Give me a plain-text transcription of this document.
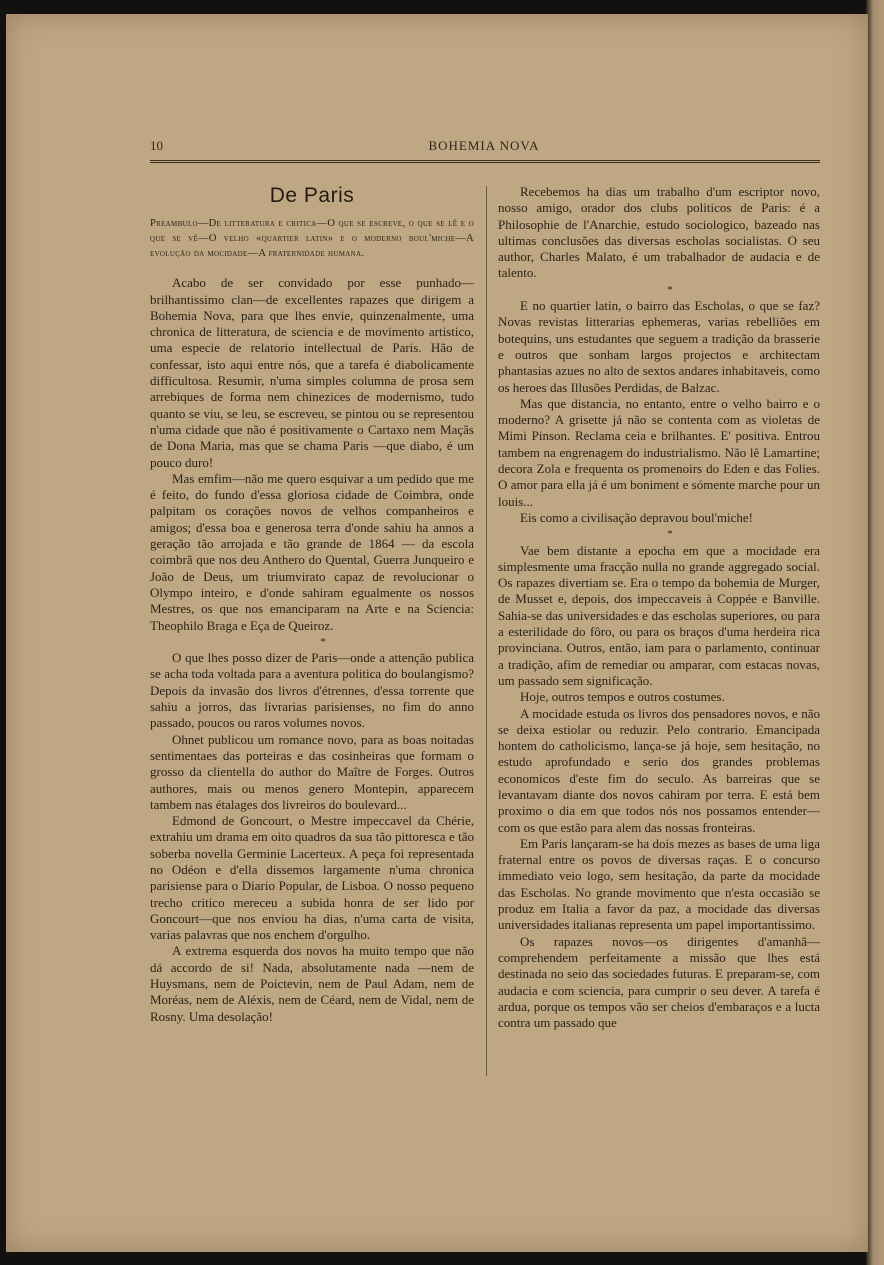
10	BOHEMIA NOVA
De Paris

Preambulo—De litteratura e critica—O que se escreve, o que se lê e o que se vê—O velho «quartier latin» e o moderno boul'miche—A evolução da mocidade—A fraternidade humana.

Acabo de ser convidado por esse punhado—brilhantissimo clan—de excellentes rapazes que dirigem a Bohemia Nova, para que lhes envie, quinzenalmente, uma chronica de litteratura, de sciencia e de movimento artistico, uma especie de relatorio intellectual de Paris. Hão de confessar, isto aqui entre nós, que a tarefa é diabolicamente difficultosa. Resumir, n'uma simples columna de prosa sem arrebiques de forma nem chinezices de modernismo, tudo quanto se viu, se leu, se escreveu, se pintou ou se representou n'uma cidade que não é positivamente o Cartaxo nem Maçãs de Dona Maria, mas que se chama Paris —que diabo, é um pouco duro!

Mas emfim—não me quero esquivar a um pedido que me é feito, do fundo d'essa gloriosa cidade de Coimbra, onde palpitam os corações novos de velhos companheiros e amigos; d'essa boa e generosa terra d'onde sahiu ha annos a geração tão arrojada e tão grande de 1864 — da escola coimbrã que nos deu Anthero do Quental, Guerra Junqueiro e João de Deus, um triumvirato capaz de revolucionar o Olympo inteiro, e d'onde sahiram egualmente os nossos Mestres, os que nos emanciparam na Arte e na Sciencia: Theophilo Braga e Eça de Queiroz.

*

O que lhes posso dizer de Paris—onde a attenção publica se acha toda voltada para a aventura politica do boulangismo? Depois da invasão dos livros d'étrennes, d'essa torrente que sahiu a jorros, das livrarias parisienses, no fim do anno passado, poucos ou raros volumes novos.

Ohnet publicou um romance novo, para as boas noitadas sentimentaes das porteiras e das cosinheiras que formam o grosso da clientella do author do Maître de Forges. Outros authores, mais ou menos genero Montepin, apparecem tambem nas étalages dos livreiros do boulevard...

Edmond de Goncourt, o Mestre impeccavel da Chérie, extrahiu um drama em oito quadros da sua tão pittoresca e tão soberba novella Germinie Lacerteux. A peça foi representada no Odéon e d'ella dissemos largamente n'uma chronica parisiense para o Diario Popular, de Lisboa. O nosso pequeno trecho critico mereceu a subida honra de ser lido por Goncourt—que nos enviou ha dias, n'uma carta de visita, varias palavras que nos enchem d'orgulho.

A extrema esquerda dos novos ha muito tempo que não dá accordo de si! Nada, absolutamente nada —nem de Huysmans, nem de Poictevin, nem de Paul Adam, nem de Moréas, nem de Aléxis, nem de Céard, nem de Vidal, nem de Rosny. Uma desolação!

Recebemos ha dias um trabalho d'um escriptor novo, nosso amigo, orador dos clubs politicos de Paris: é a Philosophie de l'Anarchie, estudo sociologico, bazeado nas ultimas conclusões das diversas escholas socialistas. O seu author, Charles Malato, é um trabalhador de audacia e de talento.

*

E no quartier latin, o bairro das Escholas, o que se faz? Novas revistas litterarias ephemeras, varias rebelliões em botequins, uns estudantes que seguem a tradição da brasserie e outros que sonham largos projectos e architectam phantasias azues no alto de sextos andares inhabitaveis, como os heroes das Illusões Perdidas, de Balzac.

Mas que distancia, no entanto, entre o velho bairro e o moderno? A grisette já não se contenta com as violetas de Mimi Pinson. Reclama ceia e brilhantes. E' positiva. Entrou tambem na engrenagem do industrialismo. Não lê Lamartine; decora Zola e frequenta os promenoirs do Eden e das Folies. O amor para ella já é um boniment e sómente marche pour un louis...

Eis como a civilisação depravou boul'miche!

*

Vae bem distante a epocha em que a mocidade era simplesmente uma fracção nulla no grande aggregado social. Os rapazes divertiam se. Era o tempo da bohemia de Murger, de Musset e, depois, dos impeccaveis à Coppée e Banville. Sahia-se das universidades e das escholas superiores, ou para a esterilidade do fôro, ou para os braços d'uma herdeira rica provinciana. Outros, então, iam para o parlamento, continuar a tradição, afim de remediar ou amparar, com estacas novas, um passado sem significação.

Hoje, outros tempos e outros costumes.

A mocidade estuda os livros dos pensadores novos, e não se deixa estiolar ou reduzir. Pelo contrario. Emancipada hontem do catholicismo, lança-se já hoje, sem hesitação, no estudo aprofundado e serio dos grandes problemas economicos d'este fim do seculo. As barreiras que se levantavam diante dos novos cahiram por terra. E está bem proximo o dia em que todos nós nos possamos entender—com os que estão para alem das nossas fronteiras.

Em Paris lançaram-se ha dois mezes as bases de uma liga fraternal entre os povos de diversas raças. E o concurso immediato veio logo, sem hesitação, da parte da mocidade das Escholas. No grande movimento que n'esta occasião se produz em Italia a favor da paz, a mocidade das diversas universidades italianas representa um papel importantissimo.

Os rapazes novos—os dirigentes d'amanhã—comprehendem perfeitamente a missão que lhes está destinada no seio das sociedades futuras. E preparam-se, com audacia e com sciencia, para cumprir o seu dever. A tarefa é ardua, porque os tempos vão ser cheios d'embaraços e a lucta contra um passado que
